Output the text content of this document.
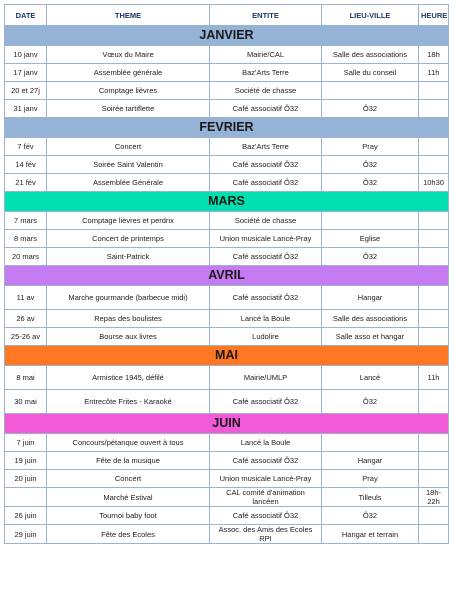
DATE	THEME	ENTITE	LIEU-VILLE	HEURE
JANVIER				
10 janv	Vœux du Maire	Mairie/CAL	Salle des associations	18h
17 janv	Assemblée générale	Baz'Arts Terre	Salle du conseil	11h
20 et 27j	Comptage lièvres	Société de chasse		
31 janv	Soirée tartiflette	Café associatif Ô32	Ô32	
FEVRIER				
7 fév	Concert	Baz'Arts Terre	Pray	
14 fév	Soirée Saint Valentin	Café associatif Ô32	Ô32	
21 fév	Assemblée Générale	Café associatif Ô32	Ô32	10h30
MARS				
7 mars	Comptage lièvres et perdrix	Société de chasse		
8 mars	Concert de printemps	Union musicale Lancé-Pray	Eglise	
20 mars	Saint-Patrick	Café associatif Ô32	Ô32	
AVRIL				
11 av	Marche gourmande (barbecue midi)	Café associatif Ô32	Hangar	
26 av	Repas des boulistes	Lancé la Boule	Salle des associations	
25-26 av	Bourse aux livres	Ludolire	Salle asso et hangar	
MAI				
8 mai	Armistice 1945, défilé	Mairie/UMLP	Lancé	11h
30 mai	Entrecôte Frites - Karaoké	Café associatif Ô32	Ô32	
JUIN				
7 juin	Concours/pétanque ouvert à tous	Lancé la Boule		
19 juin	Fête de la musique	Café associatif Ô32	Hangar	
20 juin	Concert	Union musicale Lancé-Pray	Pray	
	Marché Estival	CAL comité d'animation lancéen	Tilleuls	18h-22h
26 juin	Tournoi baby foot	Café associatif Ô32	Ô32	
29 juin	Fête des Ecoles	Assoc. des Amis des Ecoles RPI	Hangar et terrain	
